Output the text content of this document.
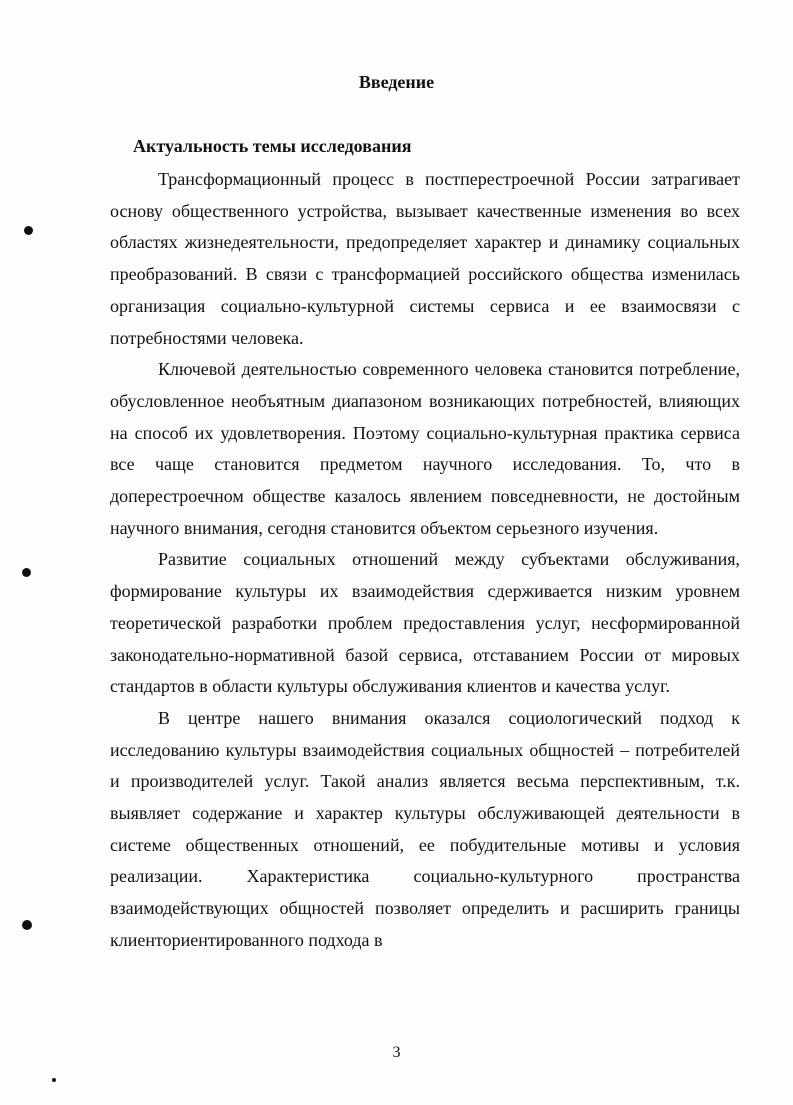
Введение
Актуальность темы исследования

Трансформационный процесс в постперестроечной России затрагивает основу общественного устройства, вызывает качественные изменения во всех областях жизнедеятельности, предопределяет характер и динамику социальных преобразований. В связи с трансформацией российского общества изменилась организация социально-культурной системы сервиса и ее взаимосвязи с потребностями человека.

Ключевой деятельностью современного человека становится потребление, обусловленное необъятным диапазоном возникающих потребностей, влияющих на способ их удовлетворения. Поэтому социально-культурная практика сервиса все чаще становится предметом научного исследования. То, что в доперестроечном обществе казалось явлением повседневности, не достойным научного внимания, сегодня становится объектом серьезного изучения.

Развитие социальных отношений между субъектами обслуживания, формирование культуры их взаимодействия сдерживается низким уровнем теоретической разработки проблем предоставления услуг, несформированной законодательно-нормативной базой сервиса, отставанием России от мировых стандартов в области культуры обслуживания клиентов и качества услуг.

В центре нашего внимания оказался социологический подход к исследованию культуры взаимодействия социальных общностей – потребителей и производителей услуг. Такой анализ является весьма перспективным, т.к. выявляет содержание и характер культуры обслуживающей деятельности в системе общественных отношений, ее побудительные мотивы и условия реализации. Характеристика социально-культурного пространства взаимодействующих общностей позволяет определить и расширить границы клиенториентированного подхода в

3
